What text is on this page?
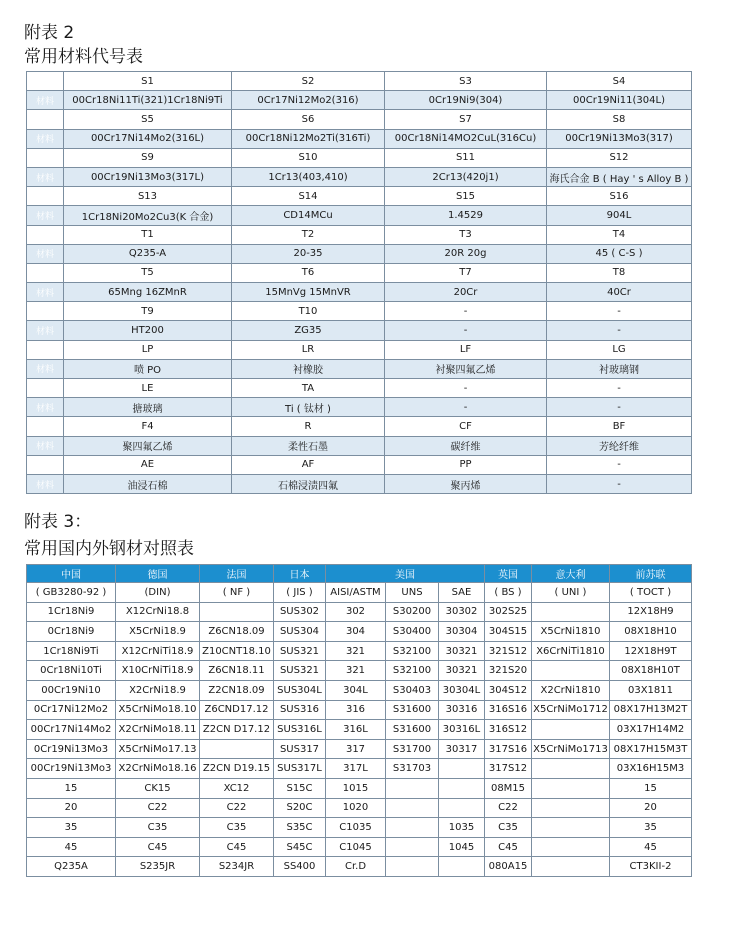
附表 2
常用材料代号表
代号	S1	S2	S3	S4
材料	00Cr18Ni11Ti(321)1Cr18Ni9Ti	0Cr17Ni12Mo2(316)	0Cr19Ni9(304)	00Cr19Ni11(304L)
代号	S5	S6	S7	S8
材料	00Cr17Ni14Mo2(316L)	00Cr18Ni12Mo2Ti(316Ti)	00Cr18Ni14MO2CuL(316Cu)	00Cr19Ni13Mo3(317)
代号	S9	S10	S11	S12
材料	00Cr19Ni13Mo3(317L)	1Cr13(403,410)	2Cr13(420j1)	海氏合金 B ( Hay ' s Alloy B )
代号	S13	S14	S15	S16
材料	1Cr18Ni20Mo2Cu3(K 合金)	CD14MCu	1.4529	904L
代号	T1	T2	T3	T4
材料	Q235-A	20-35	20R 20g	45 ( C-S )
代号	T5	T6	T7	T8
材料	65Mng 16ZMnR	15MnVg 15MnVR	20Cr	40Cr
代号	T9	T10	-	-
材料	HT200	ZG35	-	-
代号	LP	LR	LF	LG
材料	喷 PO	衬橡胶	衬聚四氟乙烯	衬玻璃钢
代号	LE	TA	-	-
材料	搪玻璃	Ti ( 钛材 )	-	-
代号	F4	R	CF	BF
材料	聚四氟乙烯	柔性石墨	碳纤维	芳纶纤维
代号	AE	AF	PP	-
材料	油浸石棉	石棉浸渍四氟	聚丙烯	-
附表 3：
常用国内外钢材对照表
中国	德国	法国	日本	美国			英国	意大利	前苏联
( GB3280-92 )	(DIN)	( NF )	( JIS )	AISI/ASTM	UNS	SAE	( BS )	( UNI )	( TOCT )
1Cr18Ni9	X12CrNi18.8		SUS302	302	S30200	30302	302S25		12X18H9
0Cr18Ni9	X5CrNi18.9	Z6CN18.09	SUS304	304	S30400	30304	304S15	X5CrNi1810	08X18H10
1Cr18Ni9Ti	X12CrNiTi18.9	Z10CNT18.10	SUS321	321	S32100	30321	321S12	X6CrNiTi1810	12X18H9T
0Cr18Ni10Ti	X10CrNiTi18.9	Z6CN18.11	SUS321	321	S32100	30321	321S20		08X18H10T
00Cr19Ni10	X2CrNi18.9	Z2CN18.09	SUS304L	304L	S30403	30304L	304S12	X2CrNi1810	03X1811
0Cr17Ni12Mo2	X5CrNiMo18.10	Z6CND17.12	SUS316	316	S31600	30316	316S16	X5CrNiMo1712	08X17H13M2T
00Cr17Ni14Mo2	X2CrNiMo18.11	Z2CN D17.12	SUS316L	316L	S31600	30316L	316S12		03X17H14M2
0Cr19Ni13Mo3	X5CrNiMo17.13		SUS317	317	S31700	30317	317S16	X5CrNiMo1713	08X17H15M3T
00Cr19Ni13Mo3	X2CrNiMo18.16	Z2CN D19.15	SUS317L	317L	S31703		317S12		03X16H15M3
15	CK15	XC12	S15C	1015			08M15		15
20	C22	C22	S20C	1020			C22		20
35	C35	C35	S35C	C1035		1035	C35		35
45	C45	C45	S45C	C1045		1045	C45		45
Q235A	S235JR	S234JR	SS400	Cr.D			080A15		CT3KII-2
